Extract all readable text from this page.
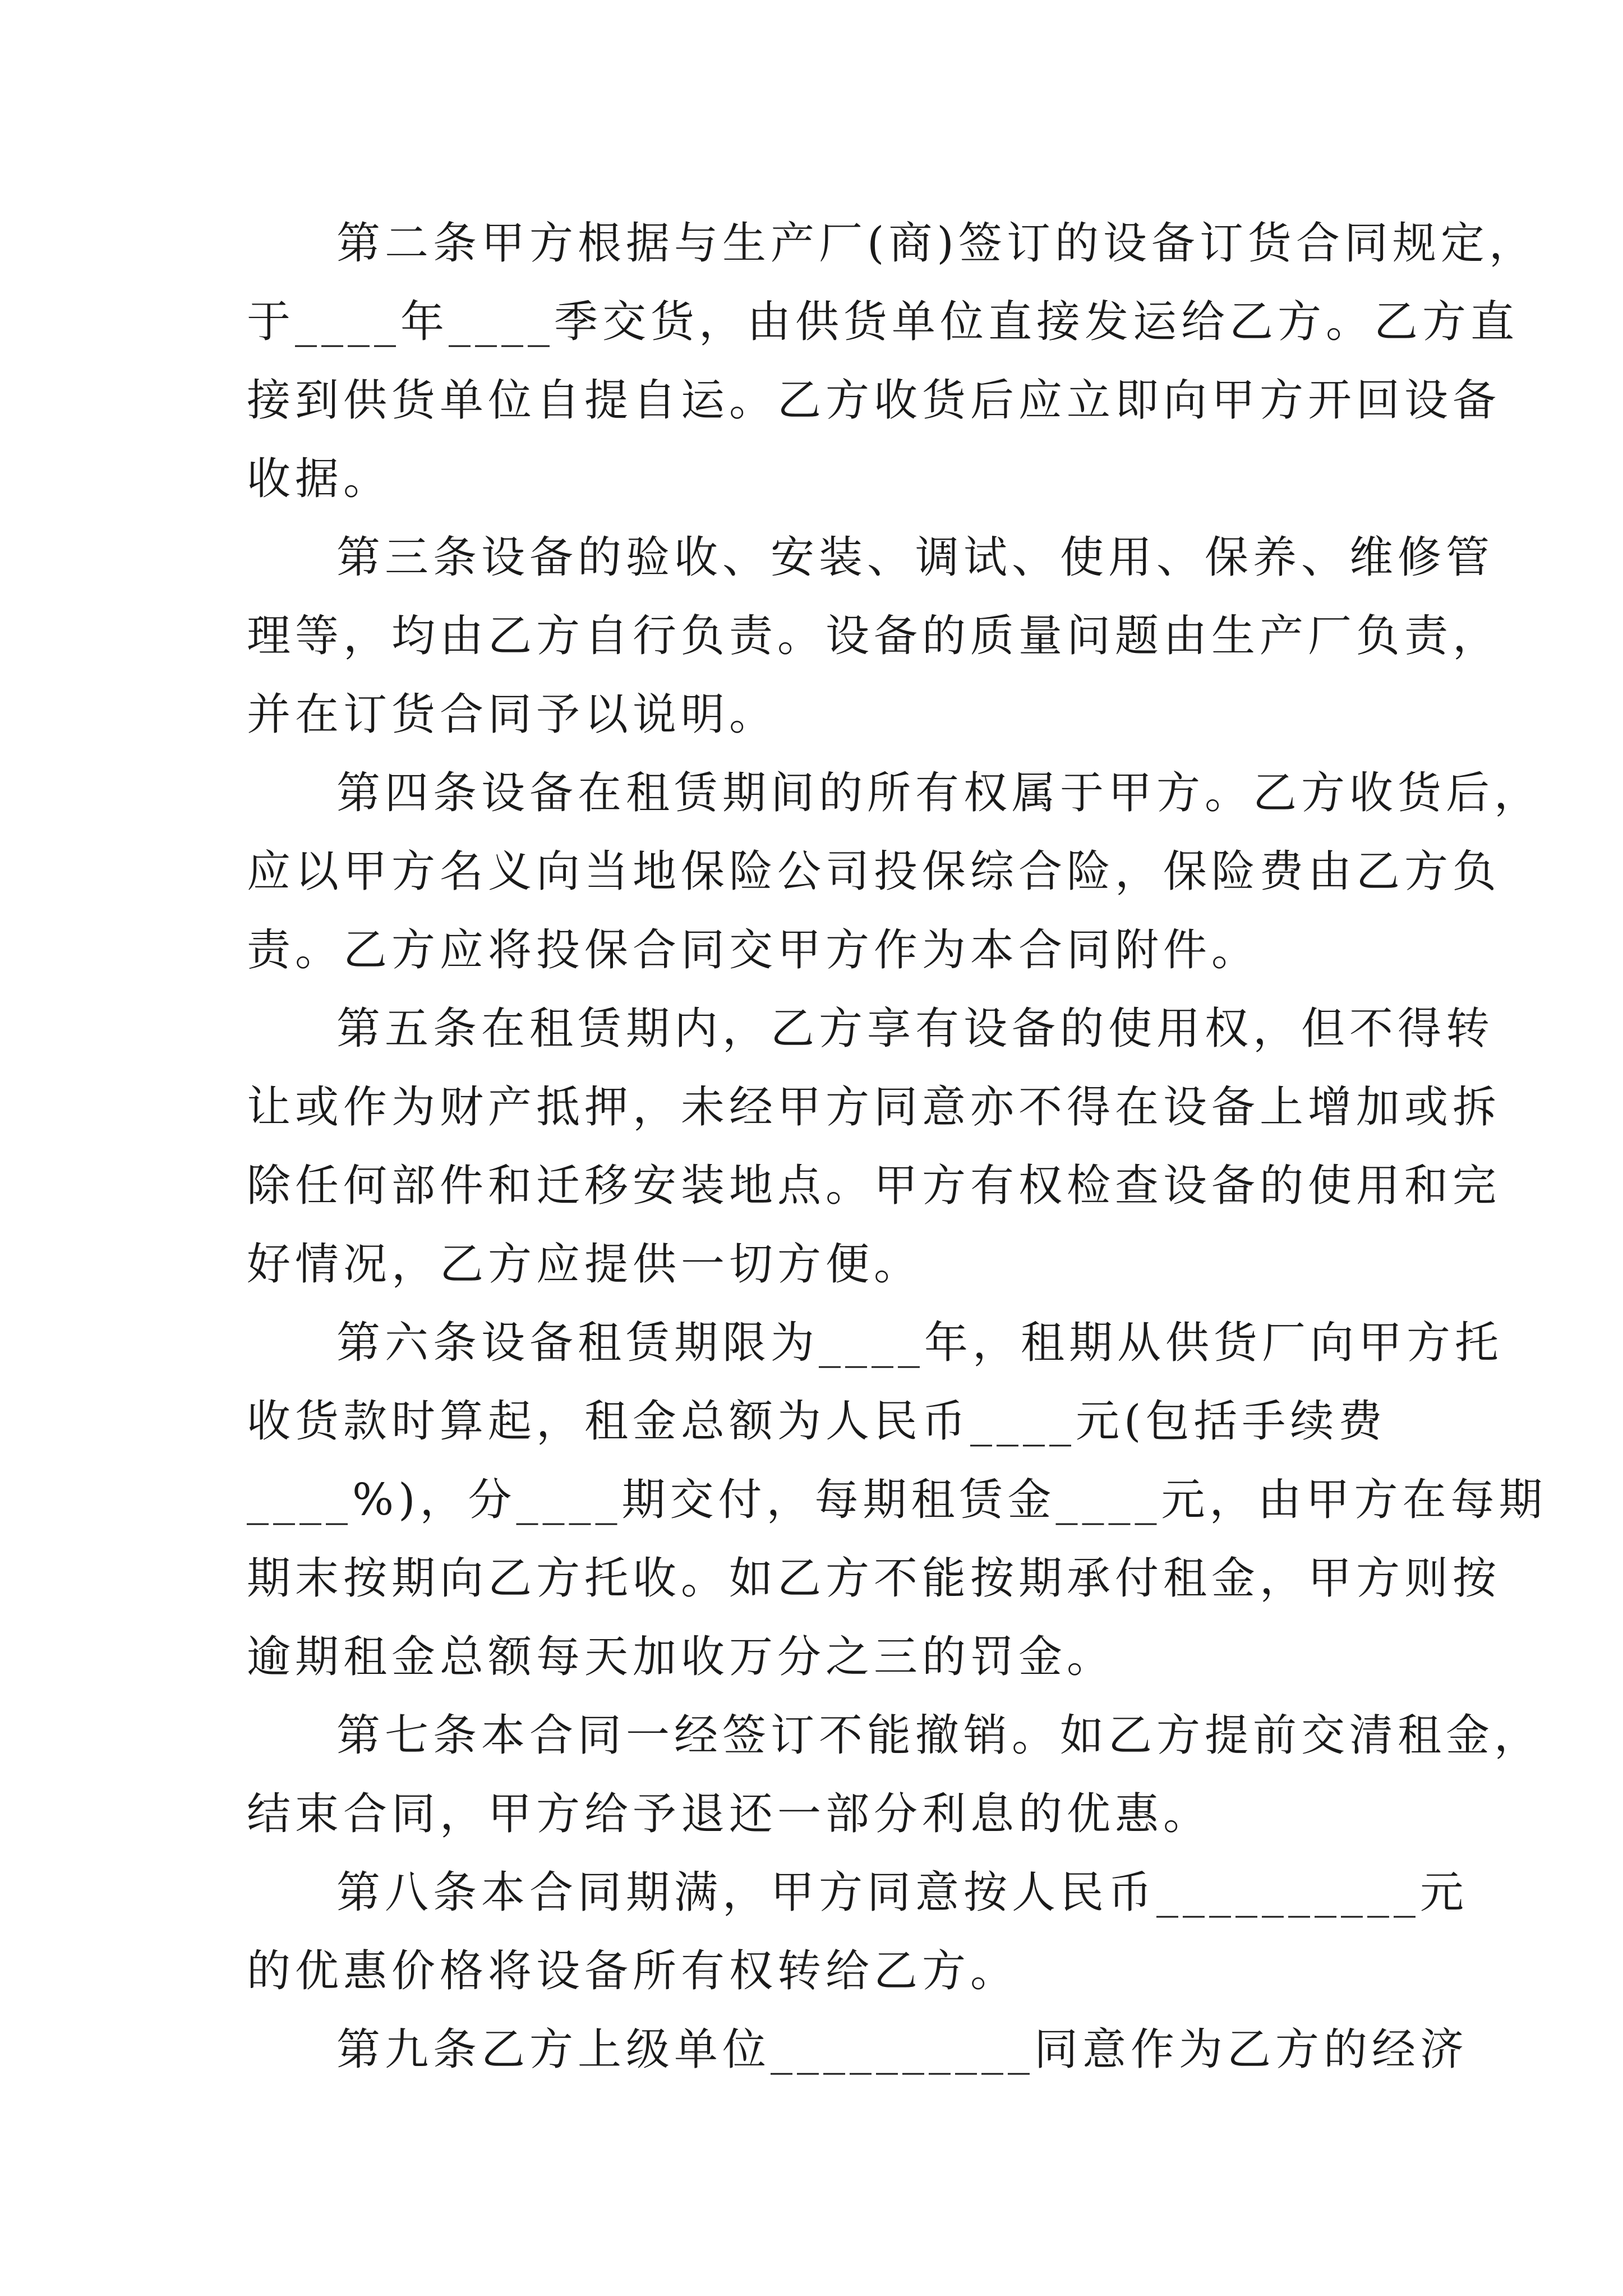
第二条甲方根据与生产厂(商)签订的设备订货合同规定，
于____年____季交货，由供货单位直接发运给乙方。乙方直
接到供货单位自提自运。乙方收货后应立即向甲方开回设备
收据。
第三条设备的验收、安装、调试、使用、保养、维修管
理等，均由乙方自行负责。设备的质量问题由生产厂负责，
并在订货合同予以说明。
第四条设备在租赁期间的所有权属于甲方。乙方收货后，
应以甲方名义向当地保险公司投保综合险，保险费由乙方负
责。乙方应将投保合同交甲方作为本合同附件。
第五条在租赁期内，乙方享有设备的使用权，但不得转
让或作为财产抵押，未经甲方同意亦不得在设备上增加或拆
除任何部件和迁移安装地点。甲方有权检查设备的使用和完
好情况，乙方应提供一切方便。
第六条设备租赁期限为____年，租期从供货厂向甲方托
收货款时算起，租金总额为人民币____元(包括手续费
____%)，分____期交付，每期租赁金____元，由甲方在每期
期末按期向乙方托收。如乙方不能按期承付租金，甲方则按
逾期租金总额每天加收万分之三的罚金。
第七条本合同一经签订不能撤销。如乙方提前交清租金，
结束合同，甲方给予退还一部分利息的优惠。
第八条本合同期满，甲方同意按人民币__________元
的优惠价格将设备所有权转给乙方。
第九条乙方上级单位__________同意作为乙方的经济
